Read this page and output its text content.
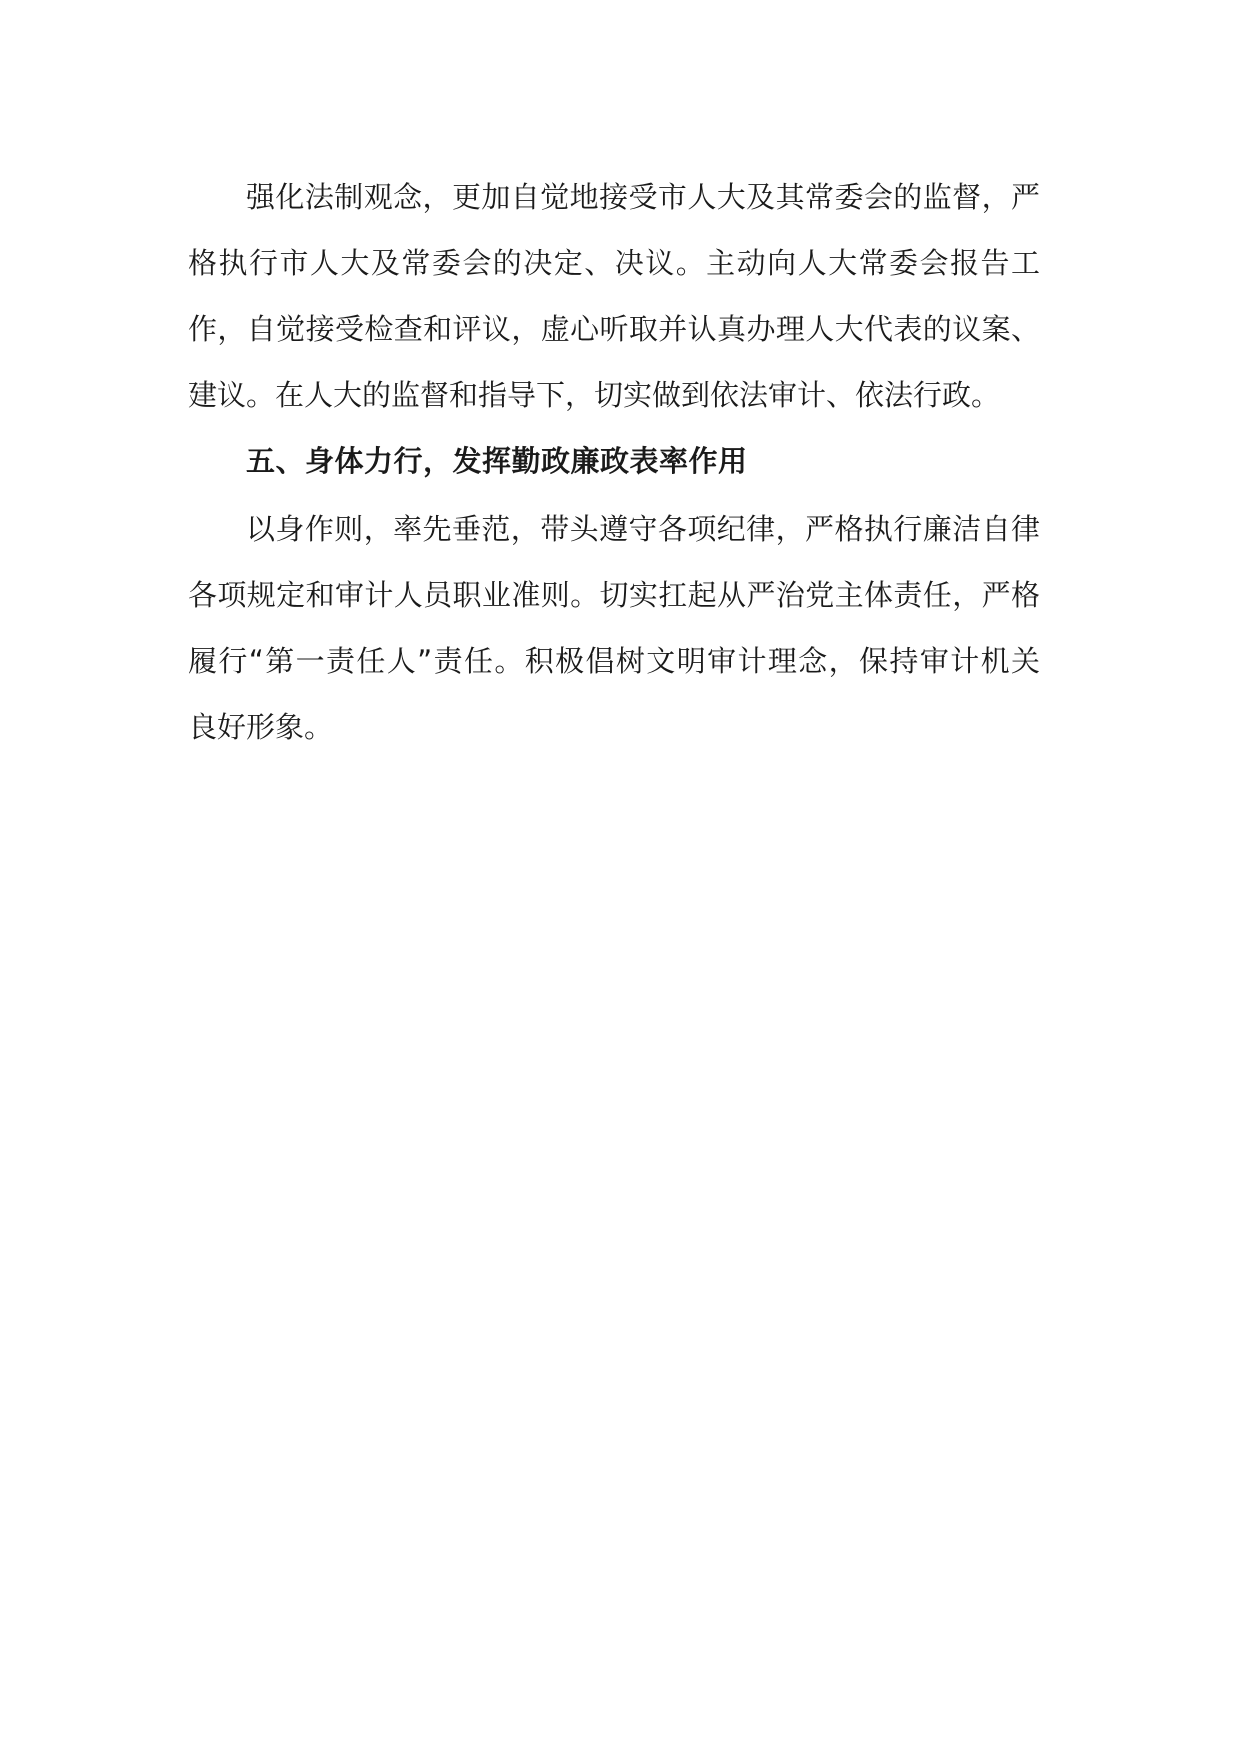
强化法制观念，更加自觉地接受市人大及其常委会的监督，严
格执行市人大及常委会的决定、决议。主动向人大常委会报告工
作，自觉接受检查和评议，虚心听取并认真办理人大代表的议案、
建议。在人大的监督和指导下，切实做到依法审计、依法行政。
五、身体力行，发挥勤政廉政表率作用
以身作则，率先垂范，带头遵守各项纪律，严格执行廉洁自律
各项规定和审计人员职业准则。切实扛起从严治党主体责任，严格
履行“第一责任人”责任。积极倡树文明审计理念，保持审计机关
良好形象。
